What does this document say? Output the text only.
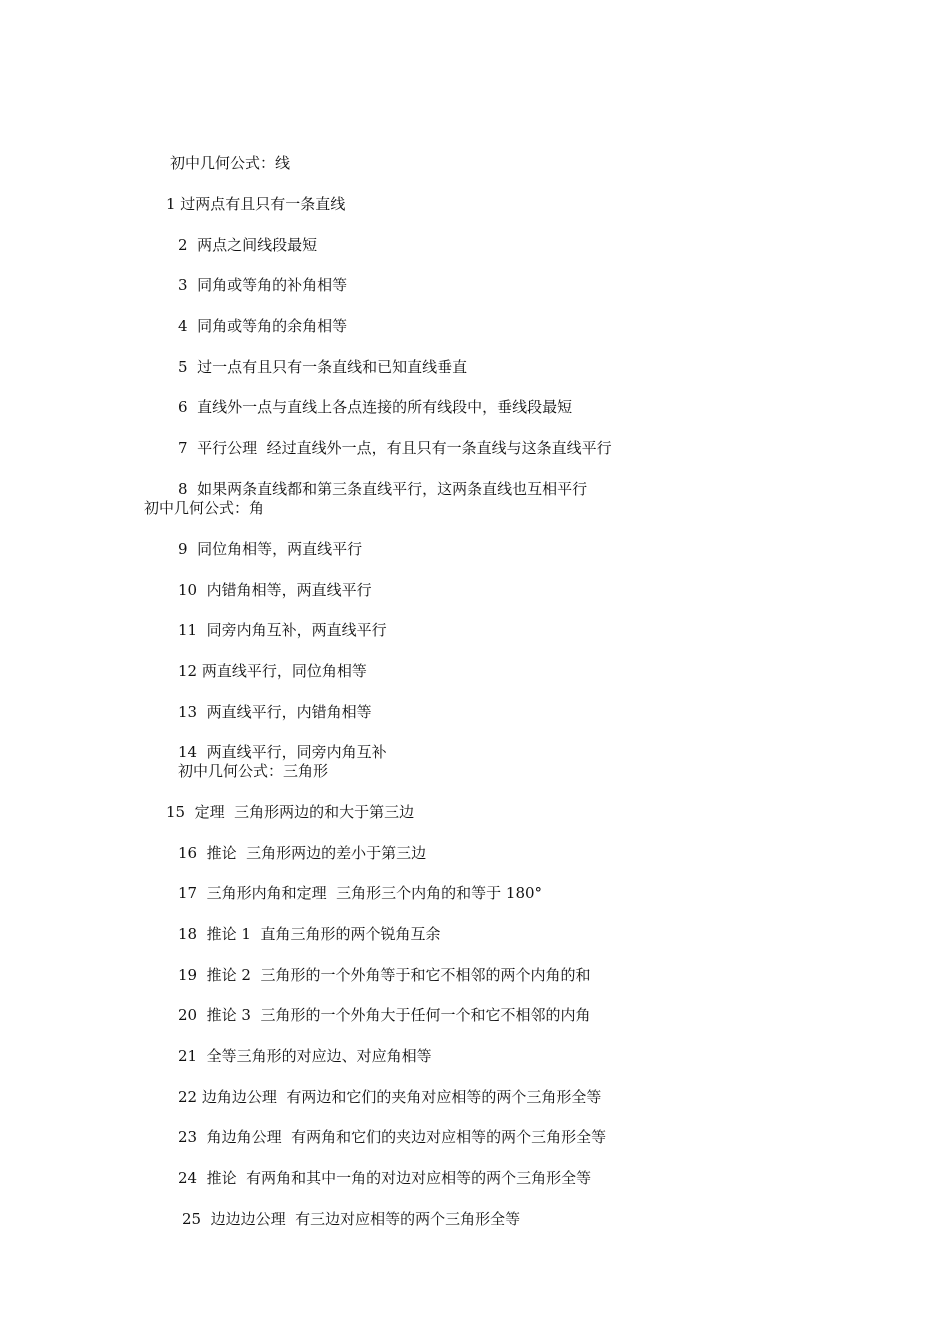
初中几何公式：线
1 过两点有且只有一条直线
2  两点之间线段最短
3  同角或等角的补角相等
4  同角或等角的余角相等
5  过一点有且只有一条直线和已知直线垂直
6  直线外一点与直线上各点连接的所有线段中，垂线段最短
7  平行公理  经过直线外一点，有且只有一条直线与这条直线平行
8  如果两条直线都和第三条直线平行，这两条直线也互相平行
初中几何公式：角
9  同位角相等，两直线平行
10  内错角相等，两直线平行
11  同旁内角互补，两直线平行
12 两直线平行，同位角相等
13  两直线平行，内错角相等
14  两直线平行，同旁内角互补
初中几何公式：三角形
15  定理  三角形两边的和大于第三边
16  推论  三角形两边的差小于第三边
17  三角形内角和定理  三角形三个内角的和等于 180°
18  推论 1  直角三角形的两个锐角互余
19  推论 2  三角形的一个外角等于和它不相邻的两个内角的和
20  推论 3  三角形的一个外角大于任何一个和它不相邻的内角
21  全等三角形的对应边、对应角相等
22 边角边公理  有两边和它们的夹角对应相等的两个三角形全等
23  角边角公理  有两角和它们的夹边对应相等的两个三角形全等
24  推论  有两角和其中一角的对边对应相等的两个三角形全等
25  边边边公理  有三边对应相等的两个三角形全等
